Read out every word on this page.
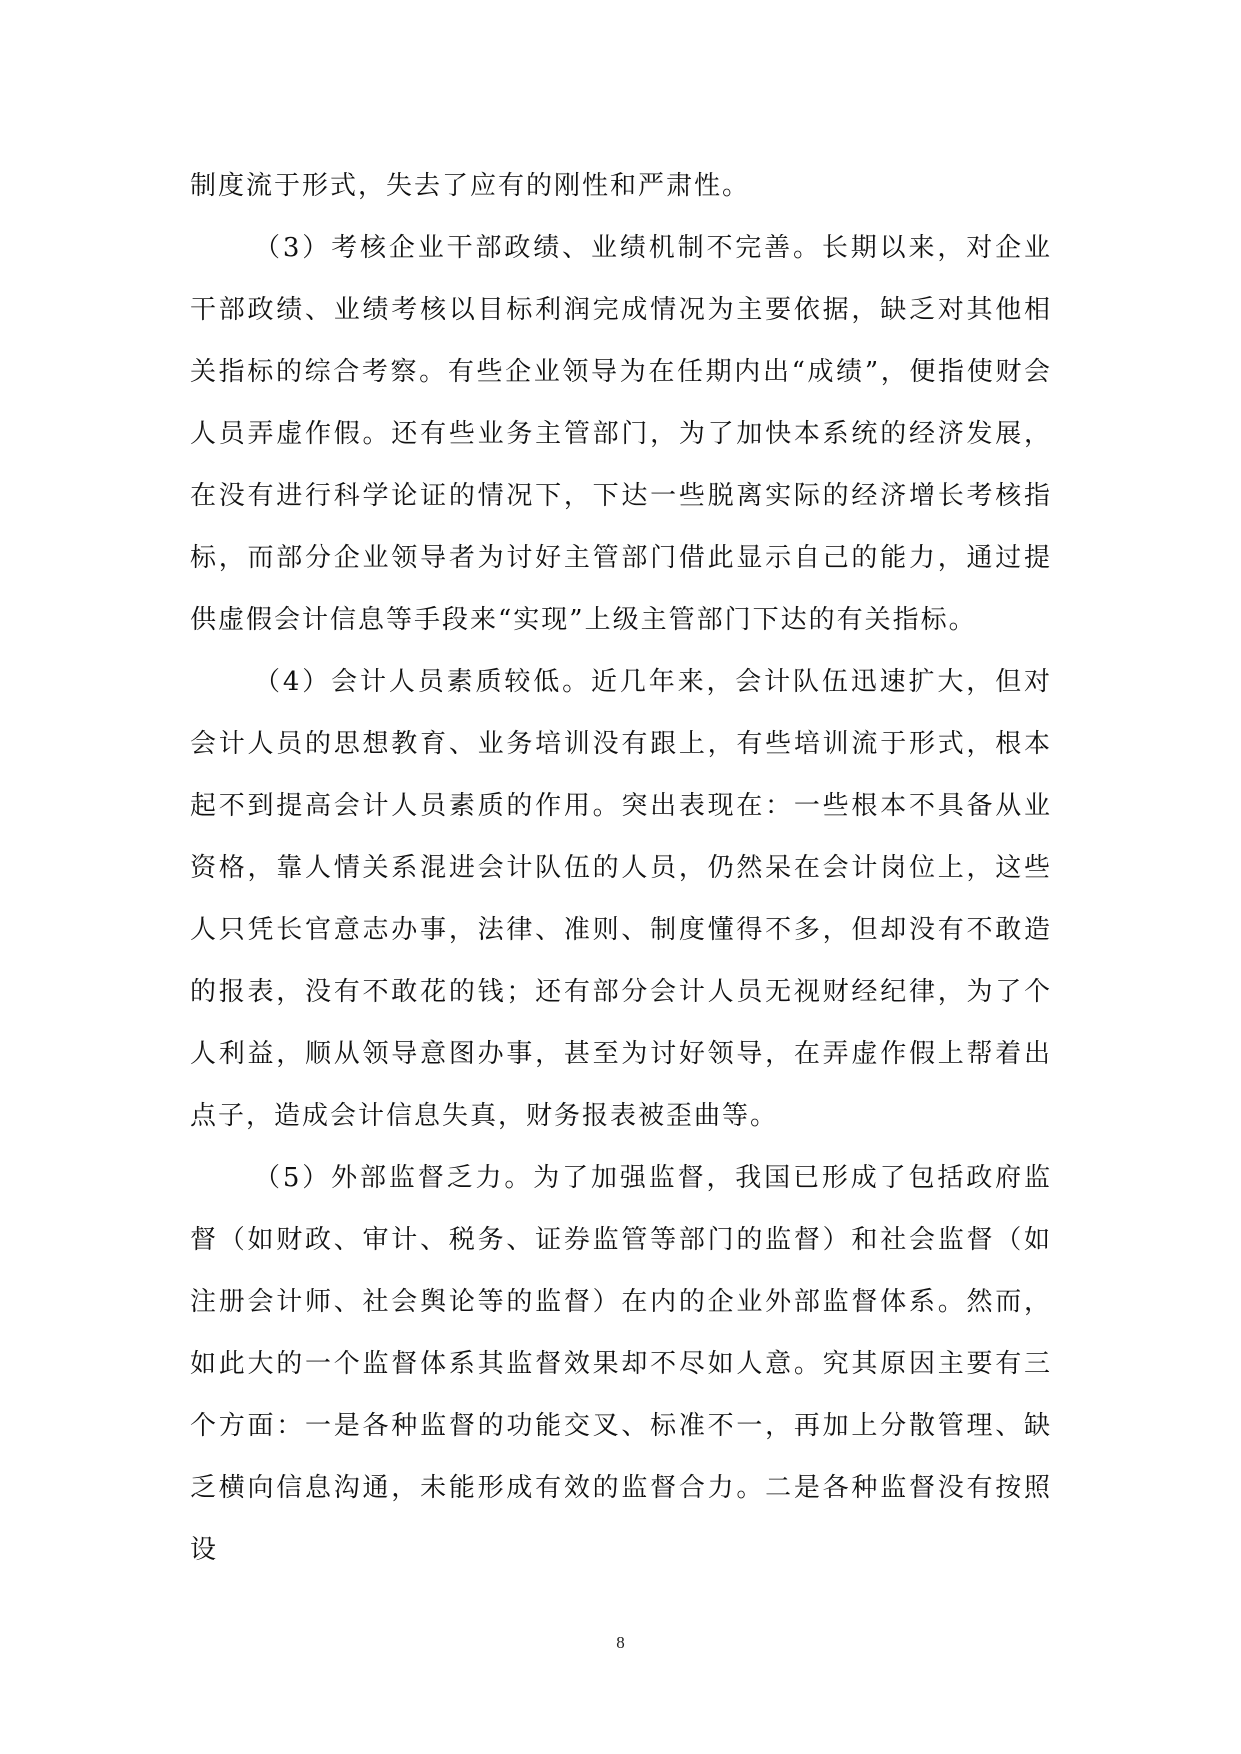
制度流于形式，失去了应有的刚性和严肃性。

（3）考核企业干部政绩、业绩机制不完善。长期以来，对企业干部政绩、业绩考核以目标利润完成情况为主要依据，缺乏对其他相关指标的综合考察。有些企业领导为在任期内出“成绩”，便指使财会人员弄虚作假。还有些业务主管部门，为了加快本系统的经济发展，在没有进行科学论证的情况下，下达一些脱离实际的经济增长考核指标，而部分企业领导者为讨好主管部门借此显示自己的能力，通过提供虚假会计信息等手段来“实现”上级主管部门下达的有关指标。

（4）会计人员素质较低。近几年来，会计队伍迅速扩大，但对会计人员的思想教育、业务培训没有跟上，有些培训流于形式，根本起不到提高会计人员素质的作用。突出表现在：一些根本不具备从业资格，靠人情关系混进会计队伍的人员，仍然呆在会计岗位上，这些人只凭长官意志办事，法律、准则、制度懂得不多，但却没有不敢造的报表，没有不敢花的钱；还有部分会计人员无视财经纪律，为了个人利益，顺从领导意图办事，甚至为讨好领导，在弄虚作假上帮着出点子，造成会计信息失真，财务报表被歪曲等。

（5）外部监督乏力。为了加强监督，我国已形成了包括政府监督（如财政、审计、税务、证券监管等部门的监督）和社会监督（如注册会计师、社会舆论等的监督）在内的企业外部监督体系。然而，如此大的一个监督体系其监督效果却不尽如人意。究其原因主要有三个方面：一是各种监督的功能交叉、标准不一，再加上分散管理、缺乏横向信息沟通，未能形成有效的监督合力。二是各种监督没有按照设

8
